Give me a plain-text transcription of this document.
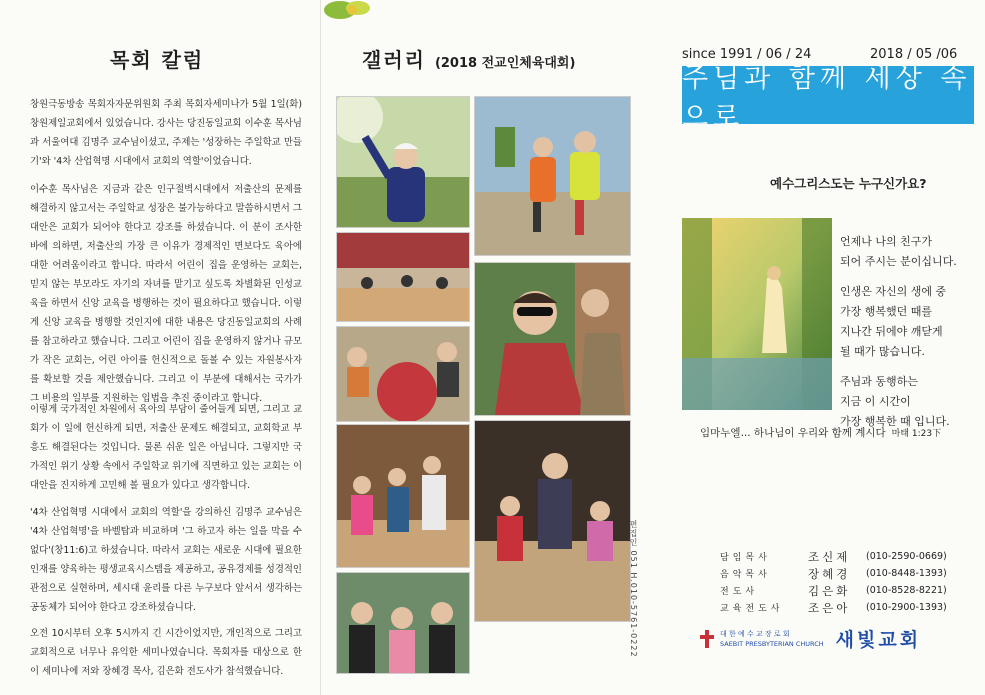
목회 칼럼

창원극동방송 목회자자문위원회 주최 목회자세미나가 5월 1일(화) 창원제일교회에서 있었습니다. 강사는 당진동일교회 이수훈 목사님과 서울여대 김명주 교수님이셨고, 주제는 '성장하는 주일학교 만들기'와 '4차 산업혁명 시대에서 교회의 역할'이었습니다.

이수훈 목사님은 지금과 같은 인구절벽시대에서 저출산의 문제를 해결하지 않고서는 주일학교 성장은 불가능하다고 말씀하시면서 그 대안은 교회가 되어야 한다고 강조를 하셨습니다. 이 분이 조사한 바에 의하면, 저출산의 가장 큰 이유가 경제적인 면보다도 육아에 대한 어려움이라고 합니다. 따라서 어린이 집을 운영하는 교회는, 믿지 않는 부모라도 자기의 자녀를 맡기고 싶도록 차별화된 인성교육을 하면서 신앙 교육을 병행하는 것이 필요하다고 했습니다. 이렇게 신앙 교육을 병행할 것인지에 대한 내용은 당진동일교회의 사례를 참고하라고 했습니다. 그리고 어린이 집을 운영하지 않거나 규모가 작은 교회는, 어린 아이를 헌신적으로 돌볼 수 있는 자원봉사자를 확보할 것을 제안했습니다. 그리고 이 부분에 대해서는 국가가 그 비용의 일부를 지원하는 입법을 추진 중이라고 합니다.

이렇게 국가적인 차원에서 육아의 부담이 줄어들게 되면, 그리고 교회가 이 일에 헌신하게 되면, 저출산 문제도 해결되고, 교회학교 부흥도 해결된다는 것입니다. 물론 쉬운 일은 아닙니다. 그렇지만 국가적인 위기 상황 속에서 주일학교 위기에 직면하고 있는 교회는 이 대안을 진지하게 고민해 볼 필요가 있다고 생각합니다.

'4차 산업혁명 시대에서 교회의 역할'을 강의하신 김명주 교수님은 '4차 산업혁명'을 바벨탑과 비교하며 '그 하고자 하는 일을 막을 수 없다'(창11:6)고 하셨습니다. 따라서 교회는 새로운 시대에 필요한 인재를 양육하는 평생교육시스템을 제공하고, 공유경제를 성경적인 관점으로 실현하며, 세시대 윤리를 다른 누구보다 앞서서 생각하는 공동체가 되어야 한다고 강조하셨습니다.

오전 10시부터 오후 5시까지 긴 시간이었지만, 개인적으로 그리고 교회적으로 너무나 유익한 세미나였습니다. 목회자를 대상으로 한 이 세미나에 저와 장혜경 목사, 김은화 전도사가 참석했습니다.

갤러리 (2018 전교인체육대회)
편집인 051 H.010-5761-0222
since 1991 / 06 / 24	2018 / 05 /06
주님과 함께 세상 속으로
예수그리스도는 누구신가요?

언제나 나의 친구가
되어 주시는 분이십니다.

인생은 자신의 생에 중
가장 행복했던 때를
지나간 뒤에야 깨닫게
될 때가 많습니다.

주님과 동행하는
지금 이 시간이
가장 행복한 때 입니다.

임마누엘... 하나님이 우리와 함께 계시다 마태 1:23下
담임목사	조신제	(010-2590-0669)
음악목사	장혜경	(010-8448-1393)
전도사	김은화	(010-8528-8221)
교육전도사	조은아	(010-2900-1393)
대 한 예 수 교 장 로 회
SAEBIT PRESBYTERIAN CHURCH 새빛교회
